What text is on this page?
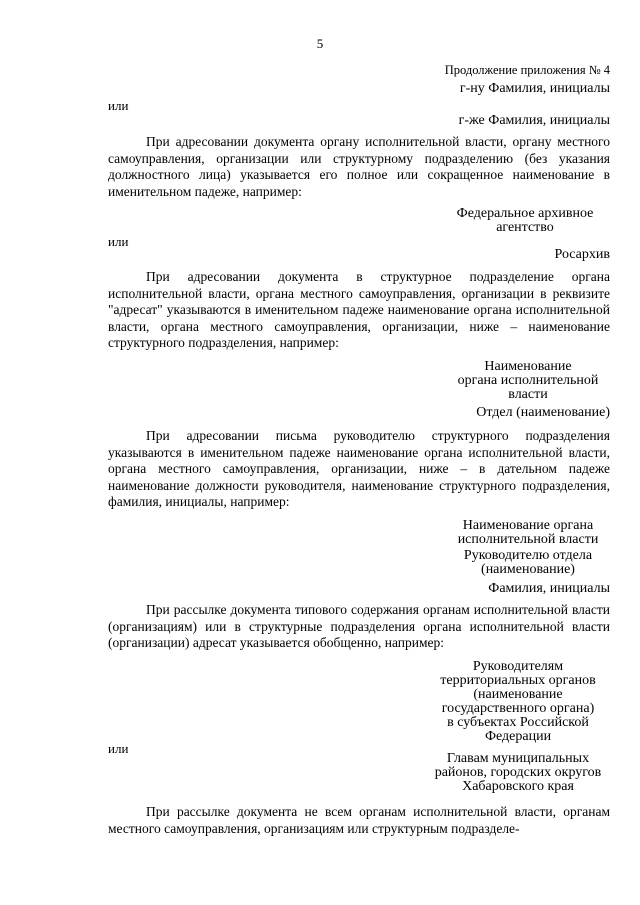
5
Продолжение приложения № 4
г-ну Фамилия, инициалы
или
г-же Фамилия, инициалы

При адресовании документа органу исполнительной власти, органу местного самоуправления, организации или структурному подразделению (без указания должностного лица) указывается его полное или сокращенное наименование в именительном падеже, например:

Федеральное архивное
агентство
или
Росархив

При адресовании документа в структурное подразделение органа исполнительной власти, органа местного самоуправления, организации в реквизите "адресат" указываются в именительном падеже наименование органа исполнительной власти, органа местного самоуправления, организации, ниже – наименование структурного подразделения, например:

Наименование
органа исполнительной
власти
Отдел (наименование)

При адресовании письма руководителю структурного подразделения указываются в именительном падеже наименование органа исполнительной власти, органа местного самоуправления, организации, ниже – в дательном падеже наименование должности руководителя, наименование структурного подразделения, фамилия, инициалы, например:

Наименование органа
исполнительной власти
Руководителю отдела
(наименование)
Фамилия, инициалы

При рассылке документа типового содержания органам исполнительной власти (организациям) или в структурные подразделения органа исполнительной власти (организации) адресат указывается обобщенно, например:

Руководителям
территориальных органов
(наименование
государственного органа)
в субъектах Российской
Федерации
или
Главам муниципальных
районов, городских округов
Хабаровского края

При рассылке документа не всем органам исполнительной власти, органам местного самоуправления, организациям или структурным подразделе-
